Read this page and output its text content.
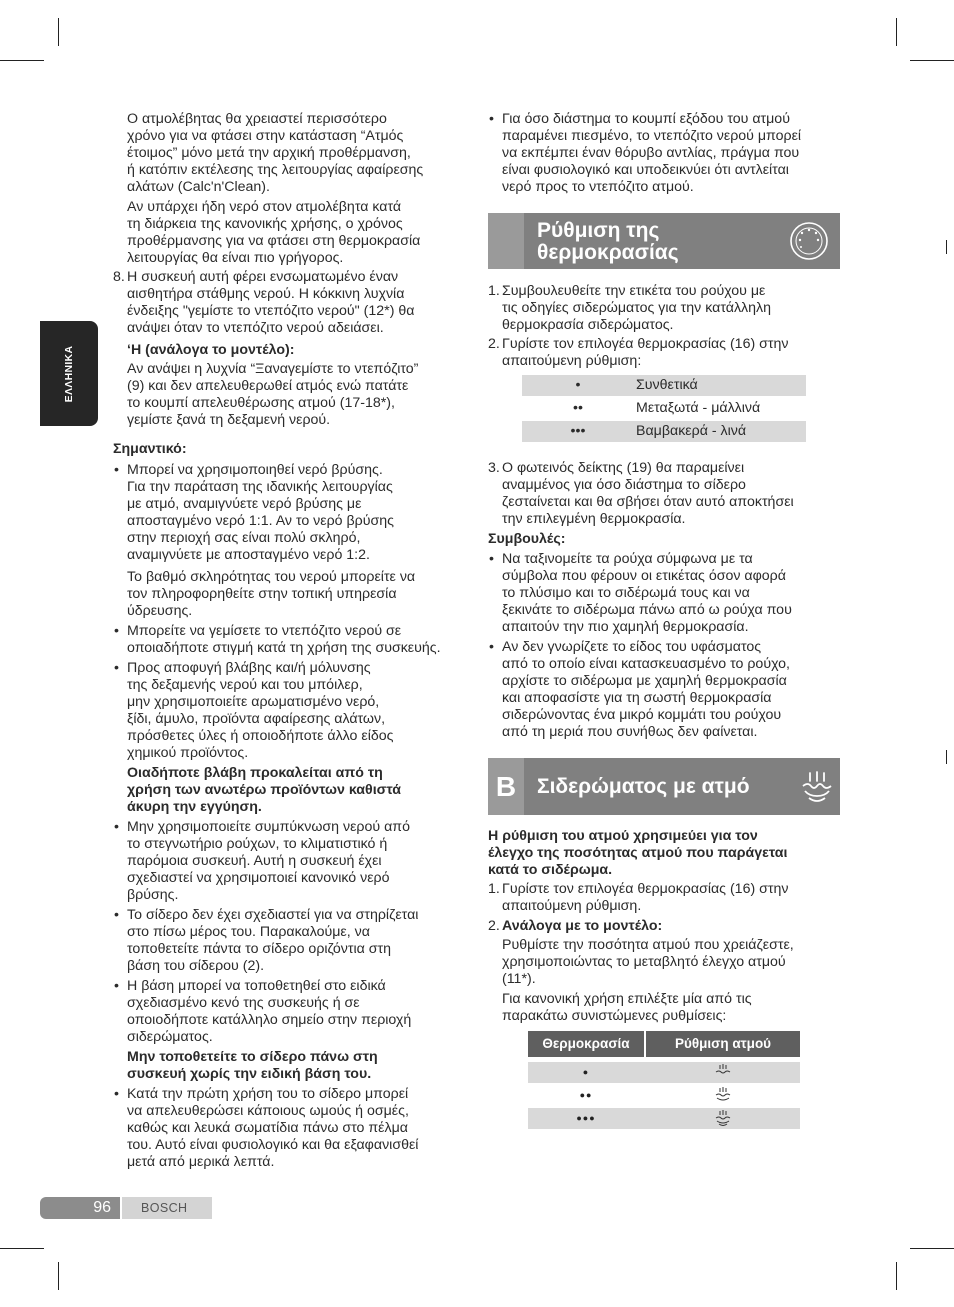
ΕΛΛΗΝΙΚΑ
Ο ατμολέβητας θα χρειαστεί περισσότερο
χρόνο για να φτάσει στην κατάσταση “Ατμός
έτοιμος” μόνο μετά την αρχική προθέρμανση,
ή κατόπιν εκτέλεσης της λειτουργίας αφαίρεσης
αλάτων (Calc'n'Clean).
Αν υπάρχει ήδη νερό στον ατμολέβητα κατά
τη διάρκεια της κανονικής χρήσης, ο χρόνος
προθέρμανσης για να φτάσει στη θερμοκρασία
λειτουργίας θα είναι πιο γρήγορος.
8. Η συσκευή αυτή φέρει ενσωματωμένο έναν
αισθητήρα στάθμης νερού. Η κόκκινη λυχνία
ένδειξης "γεμίστε το ντεπόζιτο νερού" (12*) θα
ανάψει όταν το ντεπόζιτο νερού αδειάσει.
‘Η (ανάλογα το μοντέλο):
Αν ανάψει η λυχνία “Ξαναγεμίστε το ντεπόζιτο”
(9) και δεν απελευθερωθεί ατμός ενώ πατάτε
το κουμπί απελευθέρωσης ατμού (17-18*),
γεμίστε ξανά τη δεξαμενή νερού.
Σημαντικό:
• Μπορεί να χρησιμοποιηθεί νερό βρύσης.
Για την παράταση της ιδανικής λειτουργίας
με ατμό, αναμιγνύετε νερό βρύσης με
αποσταγμένο νερό 1:1. Αν το νερό βρύσης
στην περιοχή σας είναι πολύ σκληρό,
αναμιγνύετε με αποσταγμένο νερό 1:2.
Το βαθμό σκληρότητας του νερού μπορείτε να
τον πληροφορηθείτε στην τοπική υπηρεσία
ύδρευσης.
• Μπορείτε να γεμίσετε το ντεπόζιτο νερού σε
οποιαδήποτε στιγμή κατά τη χρήση της συσκευής.
• Προς αποφυγή βλάβης και/ή μόλυνσης
της δεξαμενής νερού και του μπόιλερ,
μην χρησιμοποιείτε αρωματισμένο νερό,
ξίδι, άμυλο, προϊόντα αφαίρεσης αλάτων,
πρόσθετες ύλες ή οποιοδήποτε άλλο είδος
χημικού προϊόντος.
Οιαδήποτε βλάβη προκαλείται από τη
χρήση των ανωτέρω προϊόντων καθιστά
άκυρη την εγγύηση.
• Μην χρησιμοποιείτε συμπύκνωση νερού από
το στεγνωτήριο ρούχων, το κλιματιστικό ή
παρόμοια συσκευή. Αυτή η συσκευή έχει
σχεδιαστεί να χρησιμοποιεί κανονικό νερό
βρύσης.
• Το σίδερο δεν έχει σχεδιαστεί για να στηρίζεται
στο πίσω μέρος του. Παρακαλούμε, να
τοποθετείτε πάντα το σίδερο οριζόντια στη
βάση του σίδερου (2).
• Η βάση μπορεί να τοποθετηθεί στο ειδικά
σχεδιασμένο κενό της συσκευής ή σε
οποιοδήποτε κατάλληλο σημείο στην περιοχή
σιδερώματος.
Μην τοποθετείτε το σίδερο πάνω στη
συσκευή χωρίς την ειδική βάση του.
• Κατά την πρώτη χρήση του το σίδερο μπορεί
να απελευθερώσει κάποιους ωμούς ή οσμές,
καθώς και λευκά σωματίδια πάνω στο πέλμα
του. Αυτό είναι φυσιολογικό και θα εξαφανισθεί
μετά από μερικά λεπτά.
• Για όσο διάστημα το κουμπί εξόδου του ατμού
παραμένει πιεσμένο, το ντεπόζιτο νερού μπορεί
να εκπέμπει έναν θόρυβο αντλίας, πράγμα που
είναι φυσιολογικό και υποδεικνύει ότι αντλείται
νερό προς το ντεπόζιτο ατμού.
Ρύθμιση της
θερμοκρασίας
1. Συμβουλευθείτε την ετικέτα του ρούχου με
τις οδηγίες σιδερώματος για την κατάλληλη
θερμοκρασία σιδερώματος.
2. Γυρίστε τον επιλογέα θερμοκρασίας (16) στην
απαιτούμενη ρύθμιση:
•	Συνθετικά
••	Μεταξωτά - μάλλινά
•••	Βαμβακερά - λινά
3. Ο φωτεινός δείκτης (19) θα παραμείνει
αναμμένος για όσο διάστημα το σίδερο
ζεσταίνεται και θα σβήσει όταν αυτό αποκτήσει
την επιλεγμένη θερμοκρασία.
Συμβουλές:
• Να ταξινομείτε τα ρούχα σύμφωνα με τα
σύμβολα που φέρουν οι ετικέτας όσον αφορά
το πλύσιμο και το σιδέρωμά τους και να
ξεκινάτε το σιδέρωμα πάνω από ω ρούχα που
απαιτούν την πιο χαμηλή θερμοκρασία.
• Αν δεν γνωρίζετε το είδος του υφάσματος
από το οποίο είναι κατασκευασμένο το ρούχο,
αρχίστε το σιδέρωμα με χαμηλή θερμοκρασία
και αποφασίστε για τη σωστή θερμοκρασία
σιδερώνοντας ένα μικρό κομμάτι του ρούχου
από τη μεριά που συνήθως δεν φαίνεται.
B Σιδερώματος με ατμό
Η ρύθμιση του ατμού χρησιμεύει για τον
έλεγχο της ποσότητας ατμού που παράγεται
κατά το σιδέρωμα.
1. Γυρίστε τον επιλογέα θερμοκρασίας (16) στην
απαιτούμενη ρύθμιση.
2. Ανάλογα με το μοντέλο:
Ρυθμίστε την ποσότητα ατμού που χρειάζεστε,
χρησιμοποιώντας το μεταβλητό έλεγχο ατμού
(11*).
Για κανονική χρήση επιλέξτε μία από τις
παρακάτω συνιστώμενες ρυθμίσεις:
Θερμοκρασία	Ρύθμιση ατμού
●
●●
●●●
96	BOSCH
